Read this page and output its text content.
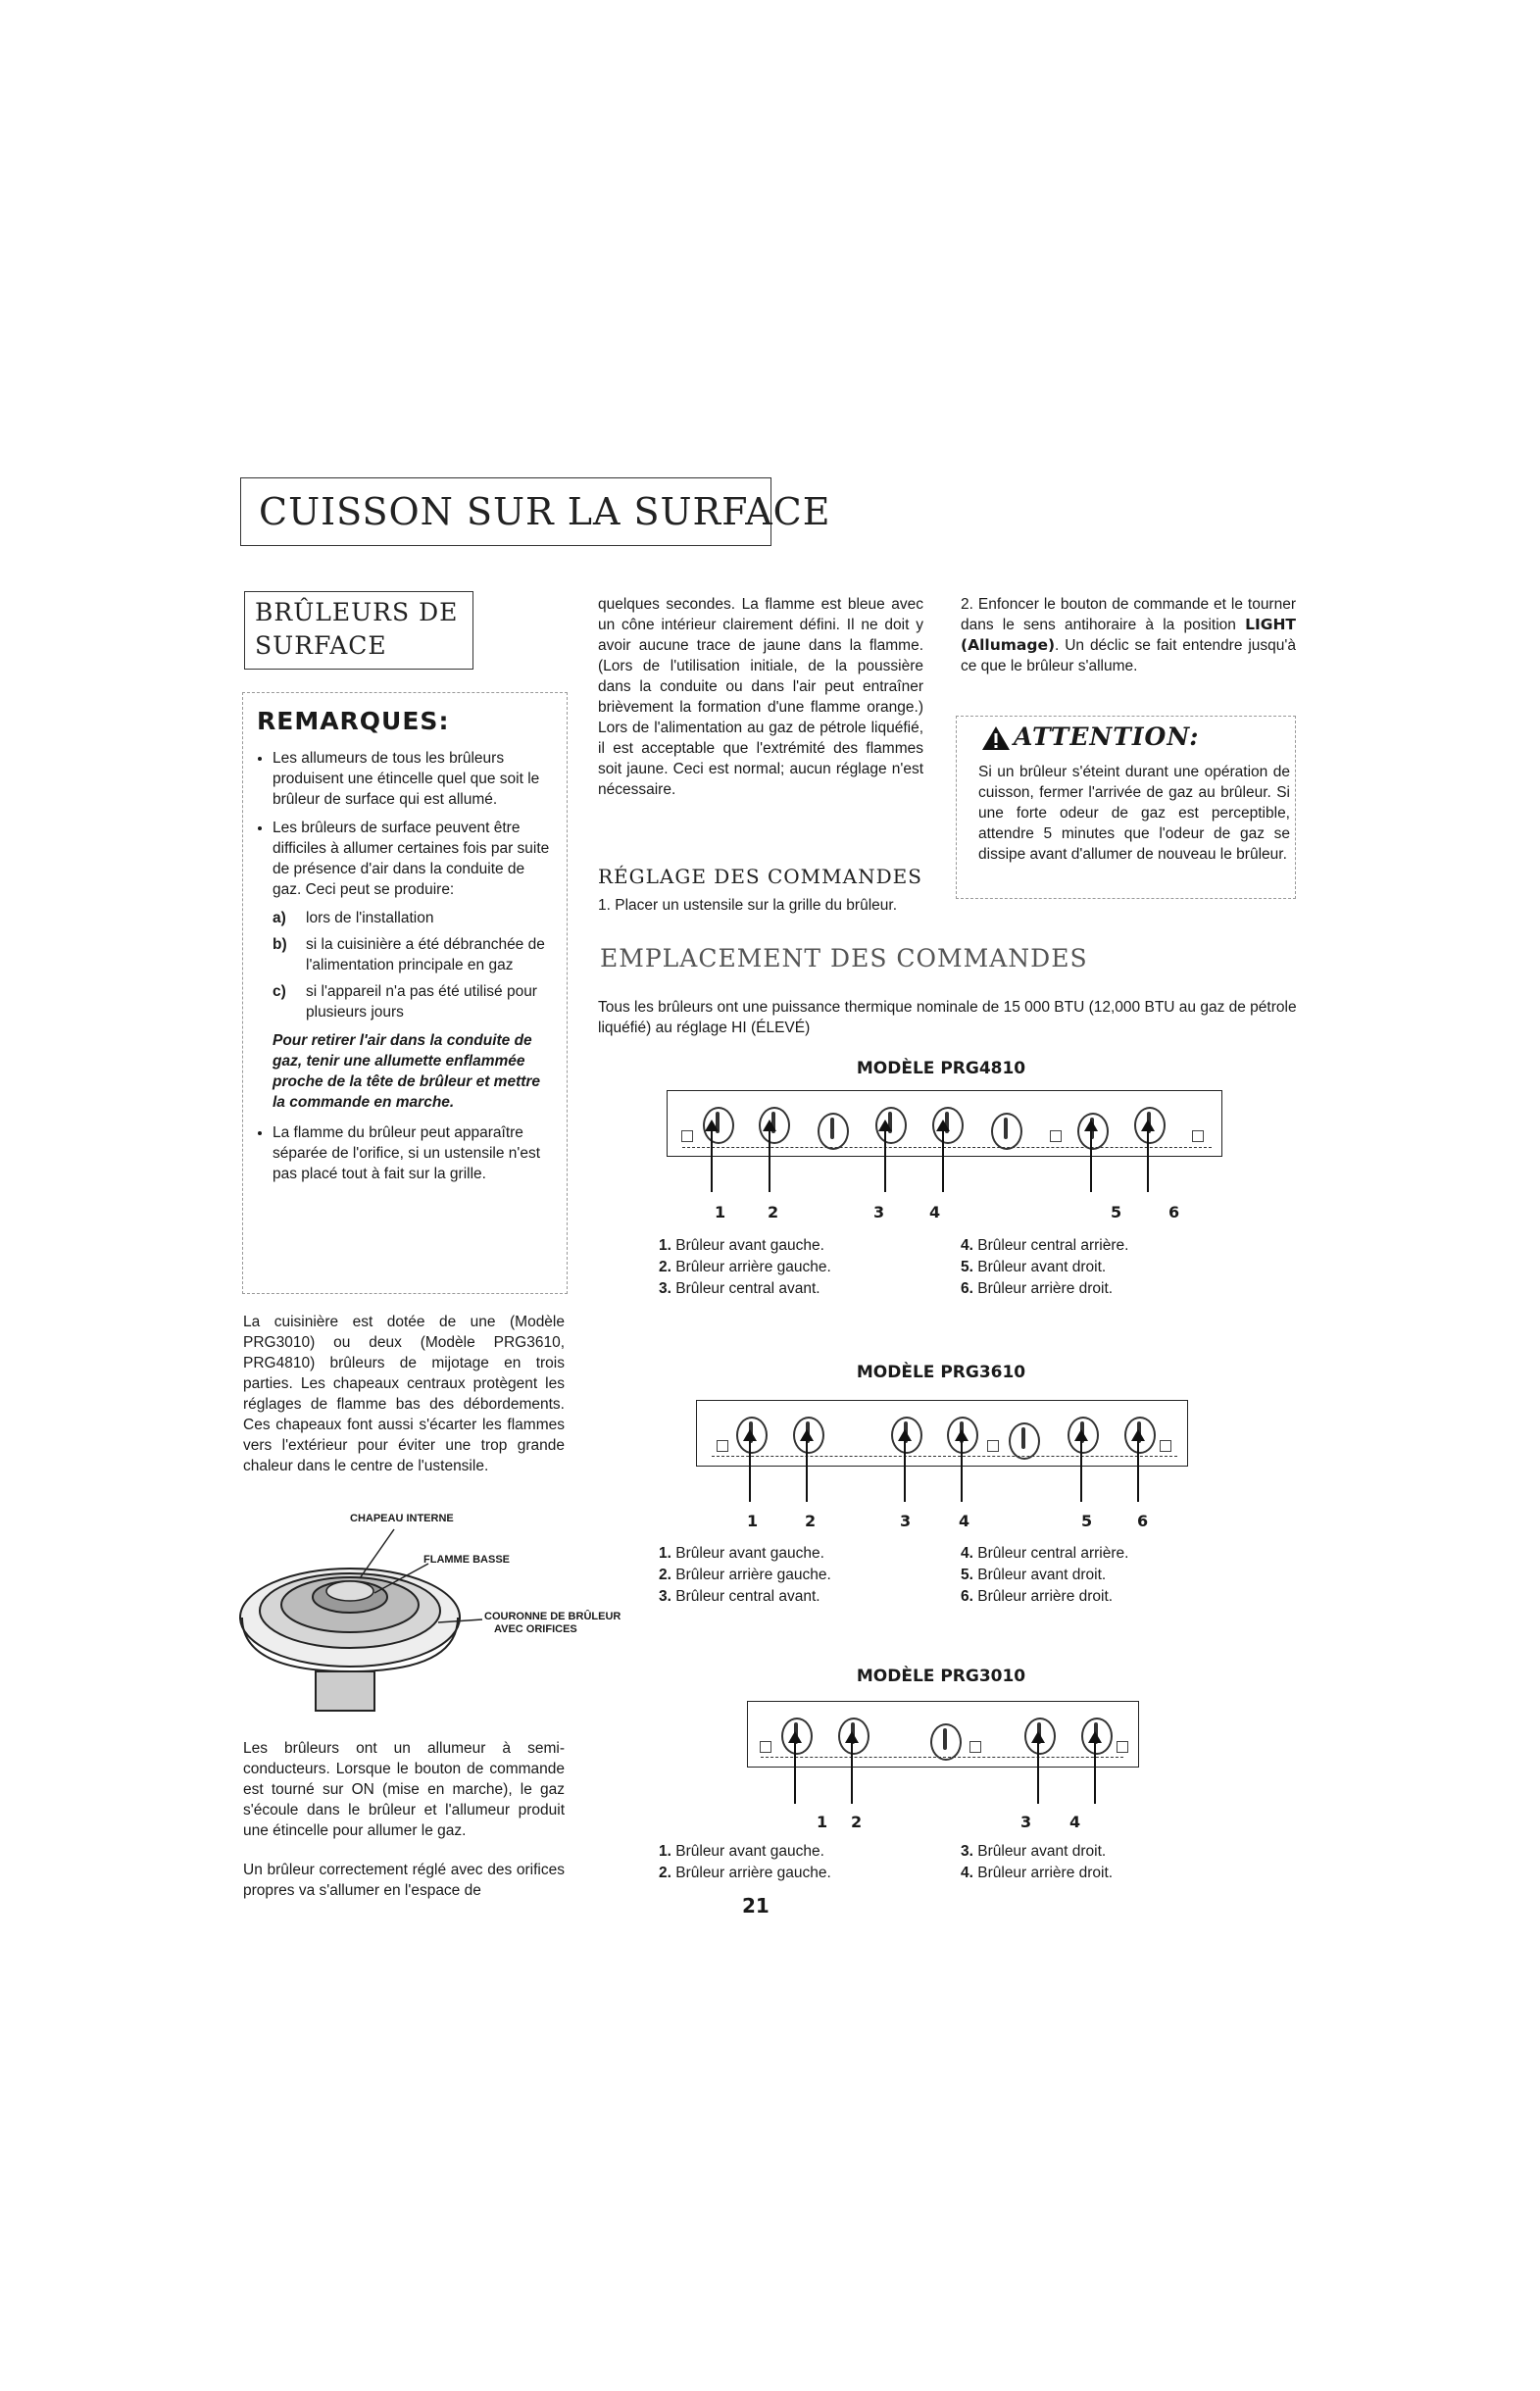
CUISSON SUR LA SURFACE
BRÛLEURS DE
SURFACE
REMARQUES:
• Les allumeurs de tous les brûleurs produisent une étincelle quel que soit le brûleur de surface qui est allumé.
• Les brûleurs de surface peuvent être difficiles à allumer certaines fois par suite de présence d'air dans la conduite de gaz. Ceci peut se produire:
a)	lors de l'installation
b)	si la cuisinière a été débranchée de l'alimentation principale en gaz
c)	si l'appareil n'a pas été utilisé pour plusieurs jours
Pour retirer l'air dans la conduite de gaz, tenir une allumette enflammée proche de la tête de brûleur et mettre la commande en marche.
• La flamme du brûleur peut apparaître séparée de l'orifice, si un ustensile n'est pas placé tout à fait sur la grille.
La cuisinière est dotée de une (Modèle PRG3010) ou deux (Modèle PRG3610, PRG4810) brûleurs de mijotage en trois parties. Les chapeaux centraux protègent les réglages de flamme bas des débordements. Ces chapeaux font aussi s'écarter les flammes vers l'extérieur pour éviter une trop grande chaleur dans le centre de l'ustensile.
CHAPEAU INTERNE
FLAMME BASSE
COURONNE DE BRÛLEUR
AVEC ORIFICES
Les brûleurs ont un allumeur à semi-conducteurs. Lorsque le bouton de commande est tourné sur ON (mise en marche), le gaz s'écoule dans le brûleur et l'allumeur produit une étincelle pour allumer le gaz.
Un brûleur correctement réglé avec des orifices propres va s'allumer en l'espace de
quelques secondes. La flamme est bleue avec un cône intérieur clairement défini. Il ne doit y avoir aucune trace de jaune dans la flamme. (Lors de l'utilisation initiale, de la poussière dans la conduite ou dans l'air peut entraîner brièvement la formation d'une flamme orange.) Lors de l'alimentation au gaz de pétrole liquéfié, il est acceptable que l'extrémité des flammes soit jaune. Ceci est normal; aucun réglage n'est nécessaire.
RÉGLAGE DES COMMANDES
1. Placer un ustensile sur la grille du brûleur.
2. Enfoncer le bouton de commande et le tourner dans le sens antihoraire à la position LIGHT (Allumage). Un déclic se fait entendre jusqu'à ce que le brûleur s'allume.
ATTENTION:
Si un brûleur s'éteint durant une opération de cuisson, fermer l'arrivée de gaz au brûleur. Si une forte odeur de gaz est perceptible, attendre 5 minutes que l'odeur de gaz se dissipe avant d'allumer de nouveau le brûleur.
EMPLACEMENT DES COMMANDES
Tous les brûleurs ont une puissance thermique nominale de 15 000 BTU (12,000 BTU au gaz de pétrole liquéfié) au réglage HI (ÉLEVÉ)
MODÈLE PRG4810
1	2	3	4	5	6
1. Brûleur avant gauche.
2. Brûleur arrière gauche.
3. Brûleur central avant.
4. Brûleur central arrière.
5. Brûleur avant droit.
6. Brûleur arrière droit.
MODÈLE PRG3610
1	2	3	4	5	6
1. Brûleur avant gauche.
2. Brûleur arrière gauche.
3. Brûleur central avant.
4. Brûleur central arrière.
5. Brûleur avant droit.
6. Brûleur arrière droit.
MODÈLE PRG3010
1 2	3 4
1. Brûleur avant gauche.
2. Brûleur arrière gauche.
3. Brûleur avant droit.
4. Brûleur arrière droit.
21
